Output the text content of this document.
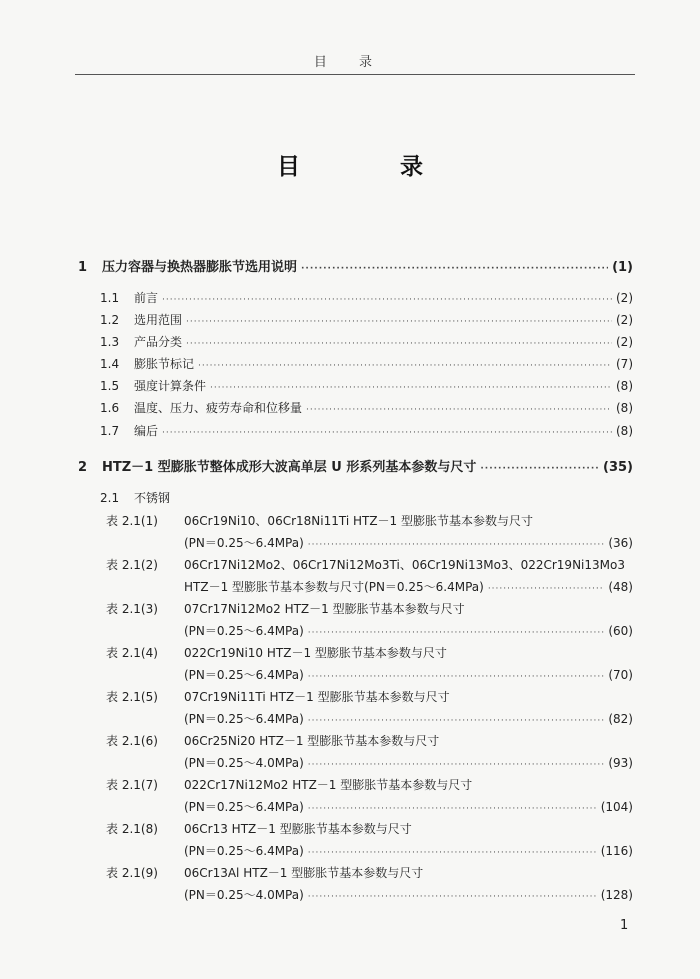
目 录
目 录
1	压力容器与换热器膨胀节选用说明 ·····	(1)
1.1	前言 ·····	(2)
1.2	选用范围 ·····	(2)
1.3	产品分类 ·····	(2)
1.4	膨胀节标记 ·····	(7)
1.5	强度计算条件 ·····	(8)
1.6	温度、压力、疲劳寿命和位移量 ·····	(8)
1.7	编后 ·····	(8)
2	HTZ－1 型膨胀节整体成形大波高单层 U 形系列基本参数与尺寸 ·····	(35)
2.1 不锈钢
表 2.1(1) 06Cr19Ni10、06Cr18Ni11Ti HTZ－1 型膨胀节基本参数与尺寸
(PN＝0.25～6.4MPa) ·····	(36)
表 2.1(2) 06Cr17Ni12Mo2、06Cr17Ni12Mo3Ti、06Cr19Ni13Mo3、022Cr19Ni13Mo3
HTZ－1 型膨胀节基本参数与尺寸(PN＝0.25～6.4MPa) ·····	(48)
表 2.1(3) 07Cr17Ni12Mo2 HTZ－1 型膨胀节基本参数与尺寸
(PN＝0.25～6.4MPa) ·····	(60)
表 2.1(4) 022Cr19Ni10 HTZ－1 型膨胀节基本参数与尺寸
(PN＝0.25～6.4MPa) ·····	(70)
表 2.1(5) 07Cr19Ni11Ti HTZ－1 型膨胀节基本参数与尺寸
(PN＝0.25～6.4MPa) ·····	(82)
表 2.1(6) 06Cr25Ni20 HTZ－1 型膨胀节基本参数与尺寸
(PN＝0.25～4.0MPa) ·····	(93)
表 2.1(7) 022Cr17Ni12Mo2 HTZ－1 型膨胀节基本参数与尺寸
(PN＝0.25～6.4MPa) ·····	(104)
表 2.1(8) 06Cr13 HTZ－1 型膨胀节基本参数与尺寸
(PN＝0.25～6.4MPa) ·····	(116)
表 2.1(9) 06Cr13Al HTZ－1 型膨胀节基本参数与尺寸
(PN＝0.25～4.0MPa) ·····	(128)
1
